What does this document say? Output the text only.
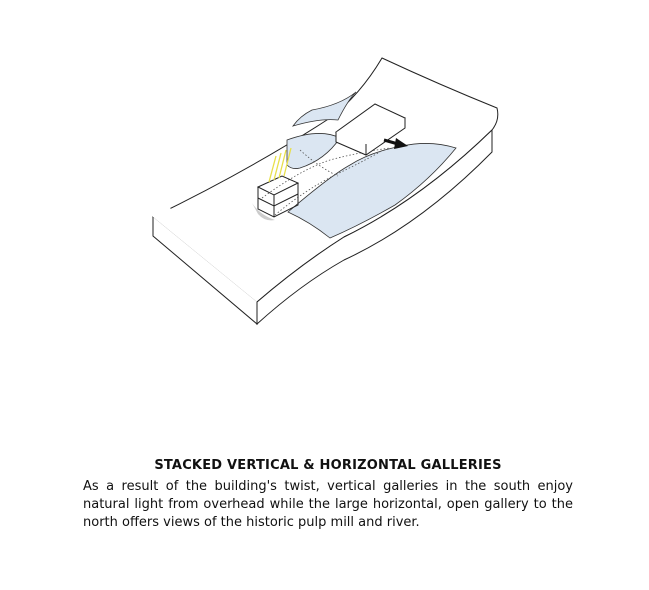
STACKED VERTICAL & HORIZONTAL GALLERIES

As a result of the building's twist, vertical galleries in the south enjoy natural light from overhead while the large horizontal, open gallery to the north offers views of the historic pulp mill and river.
